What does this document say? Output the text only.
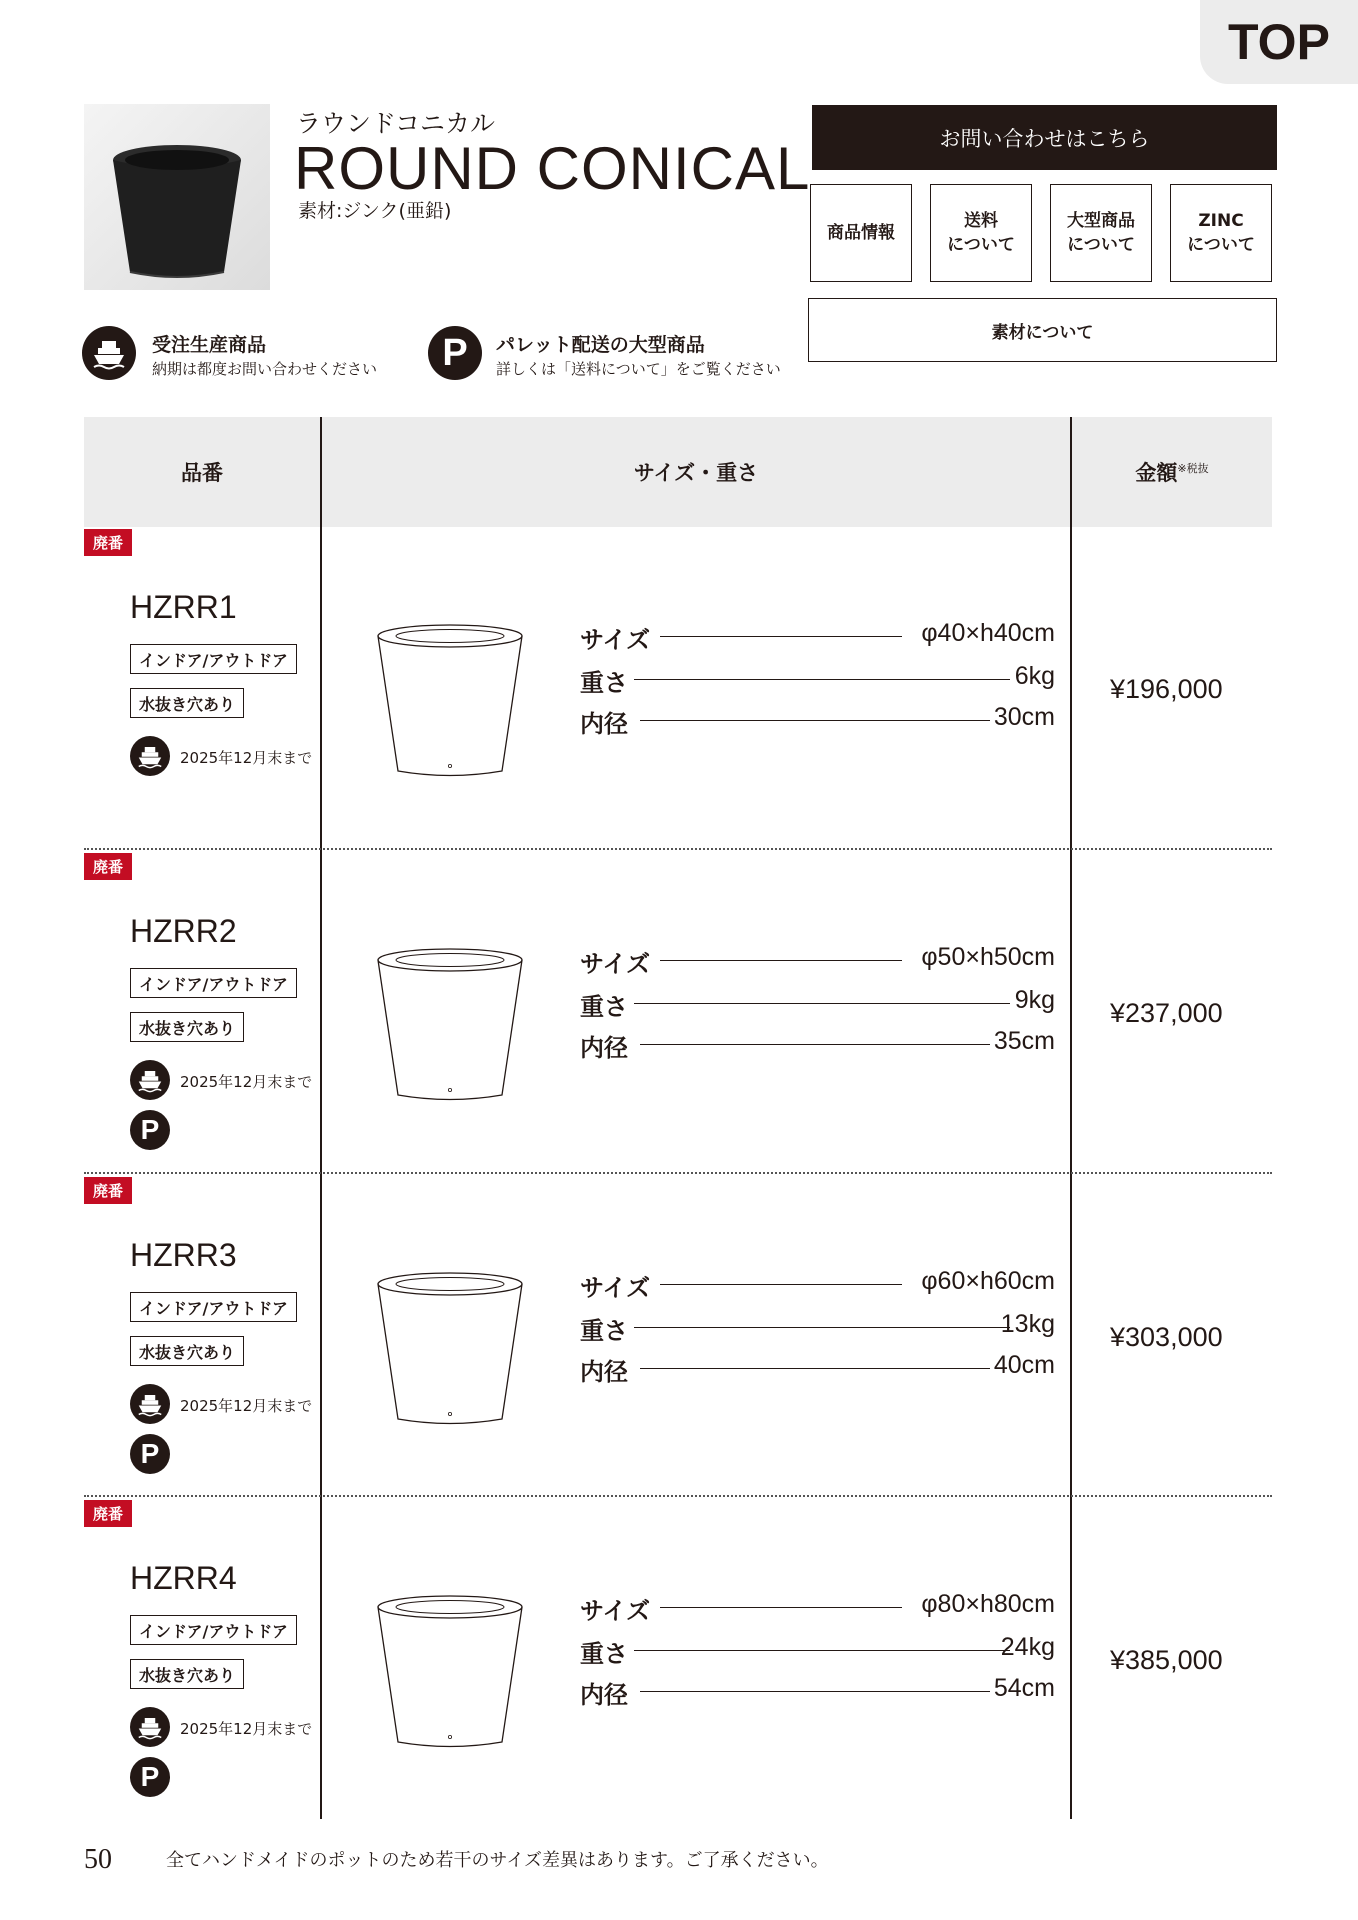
TOP
ラウンドコニカル
ROUND CONICAL
素材:ジンク(亜鉛)
お問い合わせはこちら
商品情報
送料
について
大型商品
について
ZINC
について
素材について
受注生産商品
納期は都度お問い合わせください	P	パレット配送の大型商品
詳しくは「送料について」をご覧ください
品番	サイズ・重さ	金額$^{※税抜}$
廃番
HZRR1
インドア/アウトドア
水抜き穴あり
2025年12月末まで
サイズ	φ40×h40cm
重さ	6kg
内径	30cm
¥196,000
廃番
HZRR2
インドア/アウトドア
水抜き穴あり
2025年12月末まで
P
サイズ	φ50×h50cm
重さ	9kg
内径	35cm
¥237,000
廃番
HZRR3
インドア/アウトドア
水抜き穴あり
2025年12月末まで
P
サイズ	φ60×h60cm
重さ	13kg
内径	40cm
¥303,000
廃番
HZRR4
インドア/アウトドア
水抜き穴あり
2025年12月末まで
P
サイズ	φ80×h80cm
重さ	24kg
内径	54cm
¥385,000
50	全てハンドメイドのポットのため若干のサイズ差異はあります。ご了承ください。
